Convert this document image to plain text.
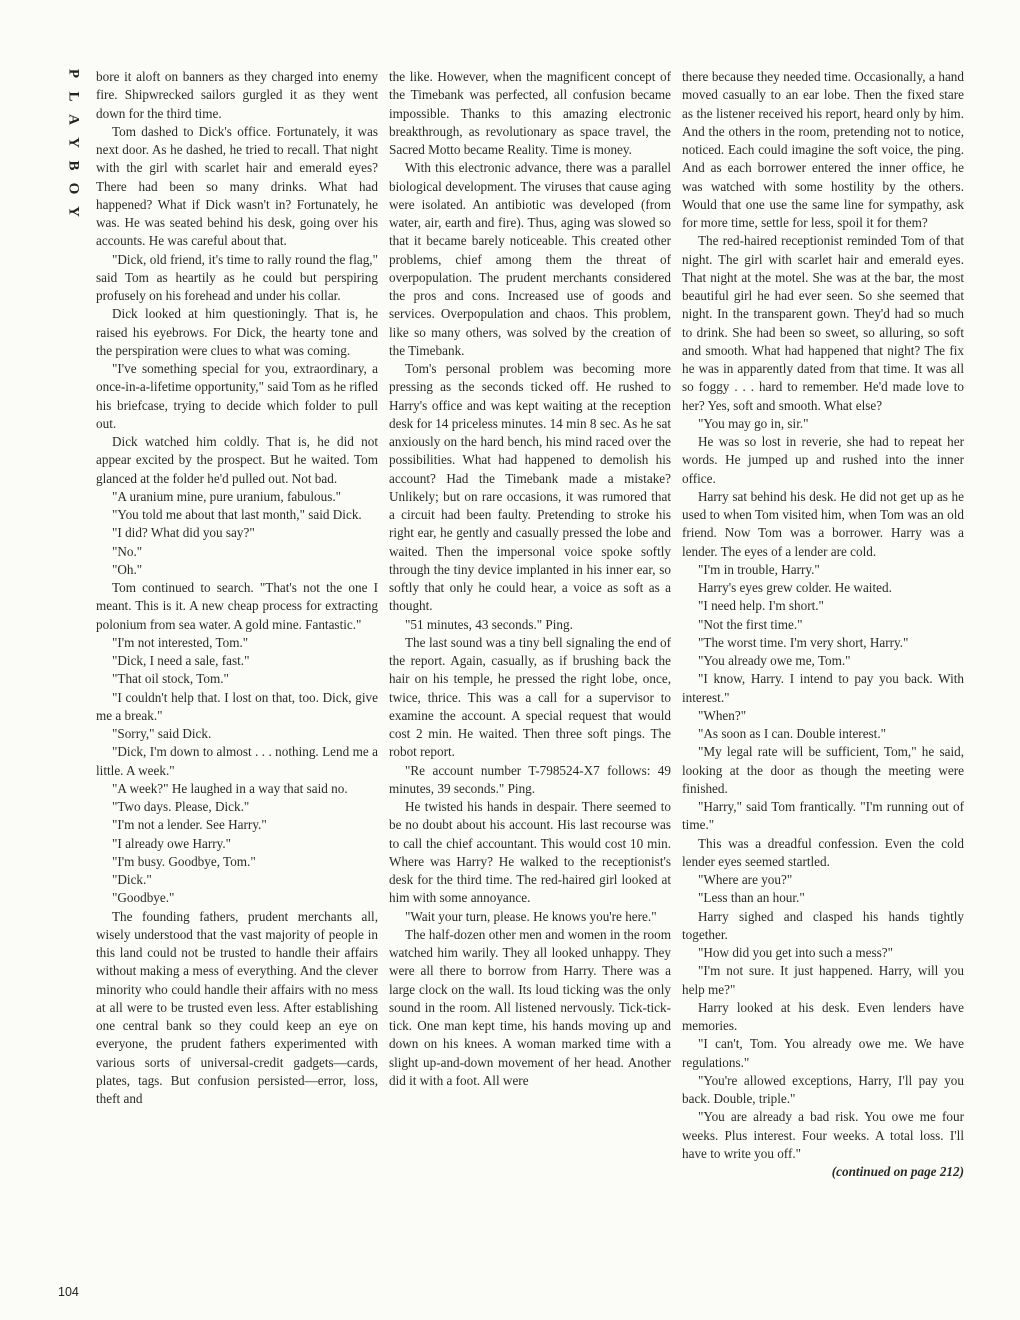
P
L
A
Y
B
O
Y

bore it aloft on banners as they charged into enemy fire. Shipwrecked sailors gurgled it as they went down for the third time.

Tom dashed to Dick's office. Fortunately, it was next door. As he dashed, he tried to recall. That night with the girl with scarlet hair and emerald eyes? There had been so many drinks. What had happened? What if Dick wasn't in? Fortunately, he was. He was seated behind his desk, going over his accounts. He was careful about that.

"Dick, old friend, it's time to rally round the flag," said Tom as heartily as he could but perspiring profusely on his forehead and under his collar.

Dick looked at him questioningly. That is, he raised his eyebrows. For Dick, the hearty tone and the perspiration were clues to what was coming.

"I've something special for you, extraordinary, a once-in-a-lifetime opportunity," said Tom as he rifled his briefcase, trying to decide which folder to pull out.

Dick watched him coldly. That is, he did not appear excited by the prospect. But he waited. Tom glanced at the folder he'd pulled out. Not bad.

"A uranium mine, pure uranium, fabulous."

"You told me about that last month," said Dick.

"I did? What did you say?"

"No."

"Oh."

Tom continued to search. "That's not the one I meant. This is it. A new cheap process for extracting polonium from sea water. A gold mine. Fantastic."

"I'm not interested, Tom."

"Dick, I need a sale, fast."

"That oil stock, Tom."

"I couldn't help that. I lost on that, too. Dick, give me a break."

"Sorry," said Dick.

"Dick, I'm down to almost . . . nothing. Lend me a little. A week."

"A week?" He laughed in a way that said no.

"Two days. Please, Dick."

"I'm not a lender. See Harry."

"I already owe Harry."

"I'm busy. Goodbye, Tom."

"Dick."

"Goodbye."

The founding fathers, prudent merchants all, wisely understood that the vast majority of people in this land could not be trusted to handle their affairs without making a mess of everything. And the clever minority who could handle their affairs with no mess at all were to be trusted even less. After establishing one central bank so they could keep an eye on everyone, the prudent fathers experimented with various sorts of universal-credit gadgets—cards, plates, tags. But confusion persisted—error, loss, theft and

the like. However, when the magnificent concept of the Timebank was perfected, all confusion became impossible. Thanks to this amazing electronic breakthrough, as revolutionary as space travel, the Sacred Motto became Reality. Time is money.

With this electronic advance, there was a parallel biological development. The viruses that cause aging were isolated. An antibiotic was developed (from water, air, earth and fire). Thus, aging was slowed so that it became barely noticeable. This created other problems, chief among them the threat of overpopulation. The prudent merchants considered the pros and cons. Increased use of goods and services. Overpopulation and chaos. This problem, like so many others, was solved by the creation of the Timebank.

Tom's personal problem was becoming more pressing as the seconds ticked off. He rushed to Harry's office and was kept waiting at the reception desk for 14 priceless minutes. 14 min 8 sec. As he sat anxiously on the hard bench, his mind raced over the possibilities. What had happened to demolish his account? Had the Timebank made a mistake? Unlikely; but on rare occasions, it was rumored that a circuit had been faulty. Pretending to stroke his right ear, he gently and casually pressed the lobe and waited. Then the impersonal voice spoke softly through the tiny device implanted in his inner ear, so softly that only he could hear, a voice as soft as a thought.

"51 minutes, 43 seconds." Ping.

The last sound was a tiny bell signaling the end of the report. Again, casually, as if brushing back the hair on his temple, he pressed the right lobe, once, twice, thrice. This was a call for a supervisor to examine the account. A special request that would cost 2 min. He waited. Then three soft pings. The robot report.

"Re account number T-798524-X7 follows: 49 minutes, 39 seconds." Ping.

He twisted his hands in despair. There seemed to be no doubt about his account. His last recourse was to call the chief accountant. This would cost 10 min. Where was Harry? He walked to the receptionist's desk for the third time. The red-haired girl looked at him with some annoyance.

"Wait your turn, please. He knows you're here."

The half-dozen other men and women in the room watched him warily. They all looked unhappy. They were all there to borrow from Harry. There was a large clock on the wall. Its loud ticking was the only sound in the room. All listened nervously. Tick-tick-tick. One man kept time, his hands moving up and down on his knees. A woman marked time with a slight up-and-down movement of her head. Another did it with a foot. All were

there because they needed time. Occasionally, a hand moved casually to an ear lobe. Then the fixed stare as the listener received his report, heard only by him. And the others in the room, pretending not to notice, noticed. Each could imagine the soft voice, the ping. And as each borrower entered the inner office, he was watched with some hostility by the others. Would that one use the same line for sympathy, ask for more time, settle for less, spoil it for them?

The red-haired receptionist reminded Tom of that night. The girl with scarlet hair and emerald eyes. That night at the motel. She was at the bar, the most beautiful girl he had ever seen. So she seemed that night. In the transparent gown. They'd had so much to drink. She had been so sweet, so alluring, so soft and smooth. What had happened that night? The fix he was in apparently dated from that time. It was all so foggy . . . hard to remember. He'd made love to her? Yes, soft and smooth. What else?

"You may go in, sir."

He was so lost in reverie, she had to repeat her words. He jumped up and rushed into the inner office.

Harry sat behind his desk. He did not get up as he used to when Tom visited him, when Tom was an old friend. Now Tom was a borrower. Harry was a lender. The eyes of a lender are cold.

"I'm in trouble, Harry."

Harry's eyes grew colder. He waited.

"I need help. I'm short."

"Not the first time."

"The worst time. I'm very short, Harry."

"You already owe me, Tom."

"I know, Harry. I intend to pay you back. With interest."

"When?"

"As soon as I can. Double interest."

"My legal rate will be sufficient, Tom," he said, looking at the door as though the meeting were finished.

"Harry," said Tom frantically. "I'm running out of time."

This was a dreadful confession. Even the cold lender eyes seemed startled.

"Where are you?"

"Less than an hour."

Harry sighed and clasped his hands tightly together.

"How did you get into such a mess?"

"I'm not sure. It just happened. Harry, will you help me?"

Harry looked at his desk. Even lenders have memories.

"I can't, Tom. You already owe me. We have regulations."

"You're allowed exceptions, Harry, I'll pay you back. Double, triple."

"You are already a bad risk. You owe me four weeks. Plus interest. Four weeks. A total loss. I'll have to write you off."

(continued on page 212)

104
